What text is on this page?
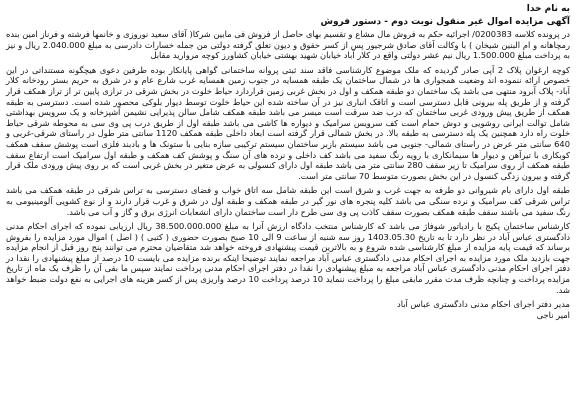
به نام خدا
آگهی مزایده اموال غیر منقول نوبت دوم - دستور فروش

در پرونده کلاسه 0200383/ اجرائیه حکم به فروش مال مشاع و تقسیم بهای حاصل از فروش فی مابین شرکا( آقای سعید نوروزی و خانمها فرشته و فرناز امین بنده رمچاهانه و ام البنین شیخان ) با وکالت آقای صادق شرجیور پس از کسر حقوق و دیون تعلق گرفته دولتی من جمله خسارات دادرسی به مبلغ 2.040.000 ریال و نیز به پرداخت مبلغ 1.500.000 ریال نیم عشر دولتی واقع در کلار آباد خیابان شهید بهشتی خیابان کشاورز کوچه مروارید مقابل

کوچه ارغوان پلاک 2 آپی صادر گردیده که ملک موضوع کارشناسی فاقد سند ثبتی پروانه ساختمانی گواهی پایانکار بوده طرفین دعوی هیچگونه مستنداتی در این خصوص ارائه ننموده اند وضعیت همجواری ها در شمال ساختمان یک طبقه همسایه در جنوب زمین همسایه غرب شارع عام و در شرق به حریم بستر رودخانه کلار آباد- پلاک آبرود منتهی می باشد یک ساختمان دو طبقه همکف و اول در بخش غربی زمین قراردارد حیاط خلوت در بخش شرقی در ترازی پایین تر از تراز همکف قرار گرفته و از طریق پله بیرونی قابل دسترسی است و اتاقک انباری نیز در آن ساخته شده این حیاط خلوت توسط دیوار بلوکی محصور شده است. دسترسی به طبقه همکف از طریق پیش ورودی غربی ساختمان که درب ضد سرقت است میسر می باشد طبقه همکف شامل سالن پذیرایی نشیمن آشپزخانه و یک سرویس بهداشتی شامل توالت ایرانی روشویی و دوش حمام است کف سرویس سرامیک و دیواره ها کاشی می باشد طبقه اول از طریق درب پی وی سی به محوطه شرقی حیاط خلوت راه دارد همچنین یک پله دسترسی به طبقه بالا. در بخش شمالی قرار گرفته است ابعاد داخلی طبقه همکف 1120 سانتی متر طول در راستای شرقی-غربی و 640 سانتی متر عرض در راستای شمالی- جنوبی می باشد سیستم بازبر ساختمان سیستم ترکیبی سازه بنایی با ستونک ها و بادبند فلزی است پوشش سقف همکف کوبکاری با تیرآهن و دیوار ها سیمانکاری با رویه رنگ سفید می باشد کف داخلی و نرده های آن سنگ و پوشش کف همکف و طبقه اول سرامیک است ارتفاع سقف طبقه همکف از روی سرامیک تا زیر سقف 280 سانتی متر می باشد طبقه اول دارای کنسولی به عرض متغیر در بخش غربی است که بر روی پیش ورودی ملک قرار گرفته و بیرون زدگی کنسول در این بخش بصورت متوسط 70 سانتی متر است.

طبقه اول دارای بام شیروانی دو طرفه به جهت غرب و شرق است این طبقه شامل سه اتاق خواب و فضای دسترسی به تراس شرقی در طبقه همکف می باشد تراس شرقی کف سرامیک و نرده سنگی می باشد کلیه پنجره های نور گیر در طبقه همکف و طبقه اول در شرق و غرب قرار دارند و از نوع کشویی آلومینیومی به رنگ سفید می باشند سقف طبقه همکف بصورت سقف کاذب پی وی سی طرح دار است ساختمان دارای انشعابات انرژی برق و گاز و آب می باشد.

کارشناس ساختمان پکیج با رادیاتور شوفاژ می باشد که کارشناس منتخب دادگاه ارزش آنرا به مبلغ 38.500.000.000 ریال ارزیابی نموده که اجرای احکام مدنی دادگستری عباس آباد در نظر دارد تا به تاریخ 1403.05.30 روز سه شنبه از ساعت 9 الی 10 صبح بصورت حضوری ( کتبی ) ( اصل ) اموال مورد مزایده را بفروش برساند که قیمت پایه مزایده از مبلغ کارشناسی شده شروع و به بالاترین قیمت پیشنهادی فروخته خواهد شد متقاضیان محترم می توانند پنج روز قبل از انجام مزایده جهت بازدید ملک مورد مزایده به اجرای احکام مدنی دادگستری عباس آباد مراجعه نمایند توضیحا اینکه برنده مزایده می بایست 10 درصد از مبلغ پیشنهادی را نقدا در دفتر اجرای احکام مدنی دادگستری عباس آباد مراجعه به مبلغ پیشنهادی را نقدا در دفتر اجرای احکام مدنی پرداخت نمایند سپس ما بقی آن را ظرف یک ماه از تاریخ مزایده پرداخت و چنانچه ظرف مدت مقرر مابقی مبلغ را پرداخت ننماید 10 درصد پرداخت 10 درصد واریزی پس از کسر هزینه های اجرایی به نفع دولت ضبط خواهد شد.

مدیر دفتر اجرای احکام مدنی دادگستری عباس آباد
امیر ناجی
